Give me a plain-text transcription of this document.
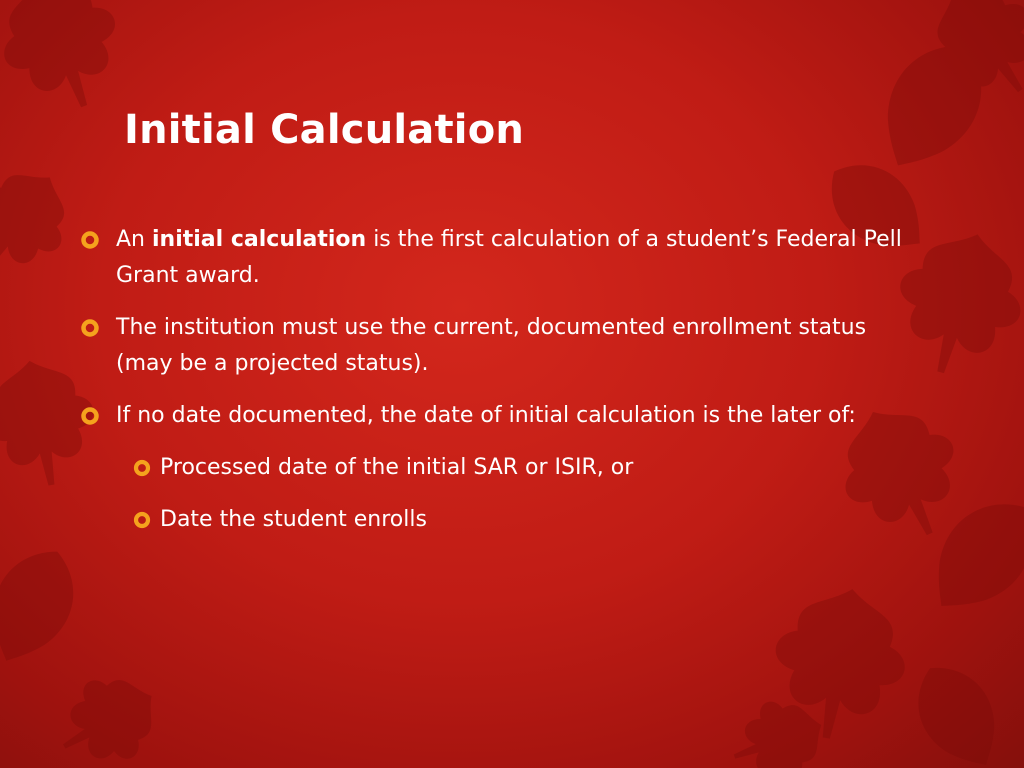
Initial Calculation
An initial calculation is the first calculation of a student’s Federal Pell Grant award.
The institution must use the current, documented enrollment status (may be a projected status).
If no date documented, the date of initial calculation is the later of:
Processed date of the initial SAR or ISIR, or
Date the student enrolls
